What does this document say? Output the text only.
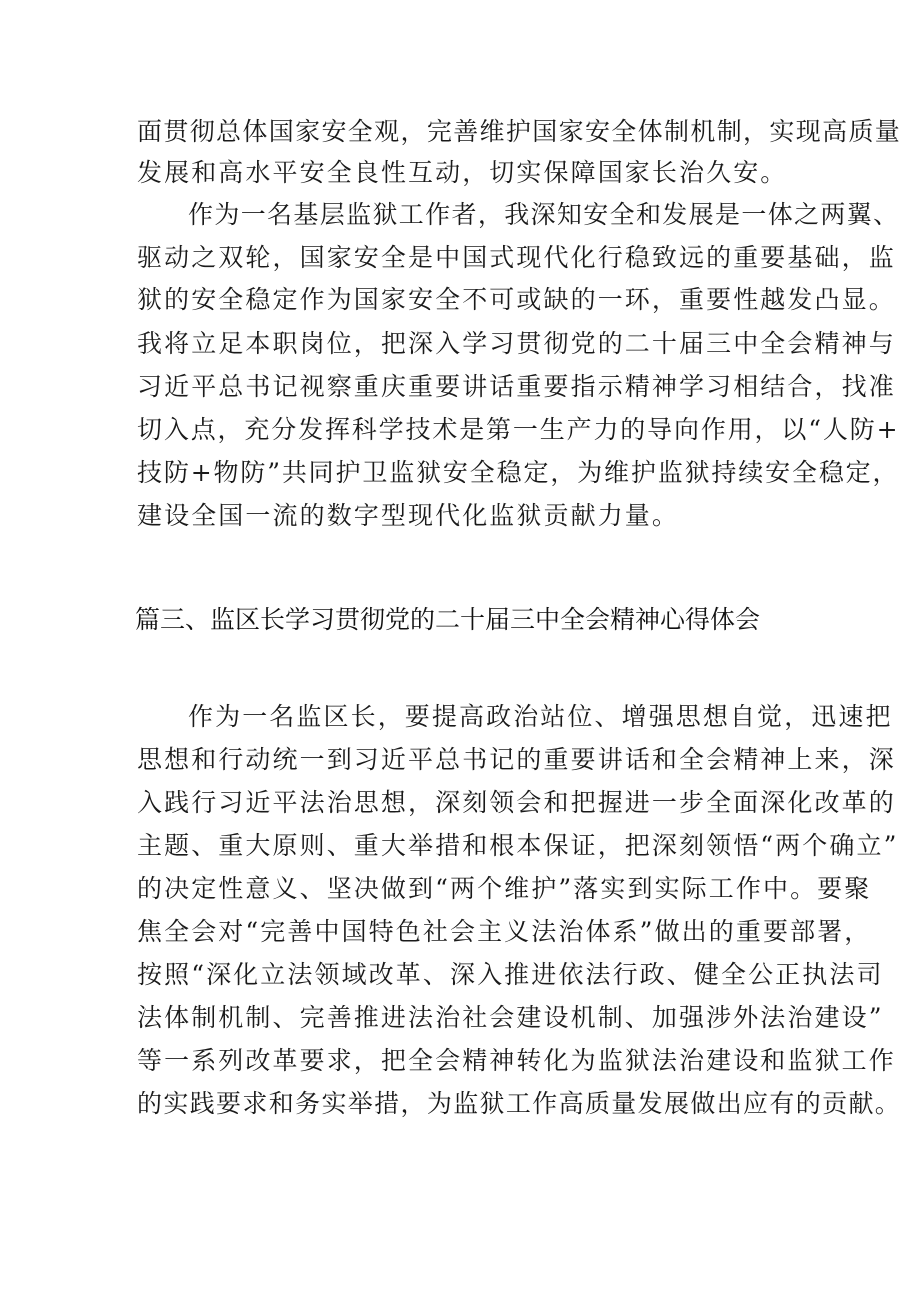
面贯彻总体国家安全观，完善维护国家安全体制机制，实现高质量
发展和高水平安全良性互动，切实保障国家长治久安。
作为一名基层监狱工作者，我深知安全和发展是一体之两翼、
驱动之双轮，国家安全是中国式现代化行稳致远的重要基础，监
狱的安全稳定作为国家安全不可或缺的一环，重要性越发凸显。
我将立足本职岗位，把深入学习贯彻党的二十届三中全会精神与
习近平总书记视察重庆重要讲话重要指示精神学习相结合，找准
切入点，充分发挥科学技术是第一生产力的导向作用，以“人防+
技防+物防”共同护卫监狱安全稳定，为维护监狱持续安全稳定，
建设全国一流的数字型现代化监狱贡献力量。
篇三、监区长学习贯彻党的二十届三中全会精神心得体会
作为一名监区长，要提高政治站位、增强思想自觉，迅速把
思想和行动统一到习近平总书记的重要讲话和全会精神上来，深
入践行习近平法治思想，深刻领会和把握进一步全面深化改革的
主题、重大原则、重大举措和根本保证，把深刻领悟“两个确立”
的决定性意义、坚决做到“两个维护”落实到实际工作中。要聚
焦全会对“完善中国特色社会主义法治体系”做出的重要部署，
按照“深化立法领域改革、深入推进依法行政、健全公正执法司
法体制机制、完善推进法治社会建设机制、加强涉外法治建设”
等一系列改革要求，把全会精神转化为监狱法治建设和监狱工作
的实践要求和务实举措，为监狱工作高质量发展做出应有的贡献。
